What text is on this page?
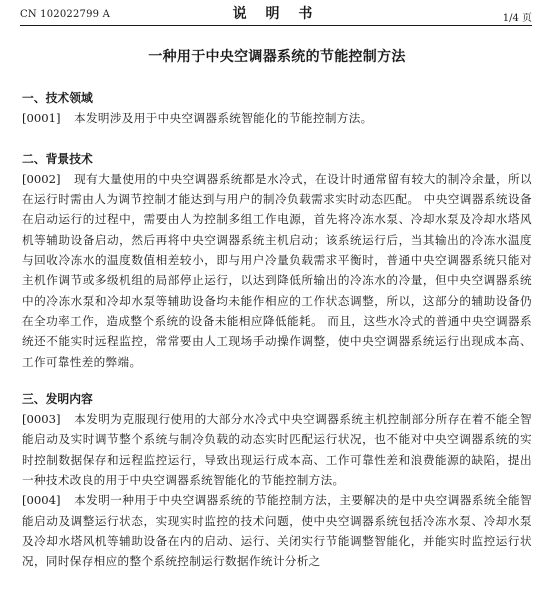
CN 102022799 A	说 明 书	1/4 页
一种用于中央空调器系统的节能控制方法

一、技术领域

[0001] 本发明涉及用于中央空调器系统智能化的节能控制方法。

二、背景技术

[0002] 现有大量使用的中央空调器系统都是水冷式，在设计时通常留有较大的制冷余量，所以在运行时需由人为调节控制才能达到与用户的制冷负载需求实时动态匹配。 中央空调器系统设备在启动运行的过程中，需要由人为控制多组工作电源，首先将冷冻水泵、冷却水泵及冷却水塔风机等辅助设备启动，然后再将中央空调器系统主机启动；该系统运行后，当其输出的冷冻水温度与回收冷冻水的温度数值相差较小，即与用户冷量负载需求平衡时，普通中央空调器系统只能对主机作调节或多级机组的局部停止运行，以达到降低所输出的冷冻水的冷量，但中央空调器系统中的冷冻水泵和冷却水泵等辅助设备均未能作相应的工作状态调整，所以，这部分的辅助设备仍在全功率工作，造成整个系统的设备未能相应降低能耗。 而且，这些水冷式的普通中央空调器系统还不能实时远程监控，常常要由人工现场手动操作调整，使中央空调器系统运行出现成本高、工作可靠性差的弊端。

三、发明内容

[0003] 本发明为克服现行使用的大部分水冷式中央空调器系统主机控制部分所存在着不能全智能启动及实时调节整个系统与制冷负载的动态实时匹配运行状况，也不能对中央空调器系统的实时控制数据保存和远程监控运行，导致出现运行成本高、工作可靠性差和浪费能源的缺陷，提出一种技术改良的用于中央空调器系统智能化的节能控制方法。

[0004] 本发明一种用于中央空调器系统的节能控制方法，主要解决的是中央空调器系统全能智能启动及调整运行状态，实现实时监控的技术问题，使中央空调器系统包括冷冻水泵、冷却水泵及冷却水塔风机等辅助设备在内的启动、运行、关闭实行节能调整智能化，并能实时监控运行状况，同时保存相应的整个系统控制运行数据作统计分析之
